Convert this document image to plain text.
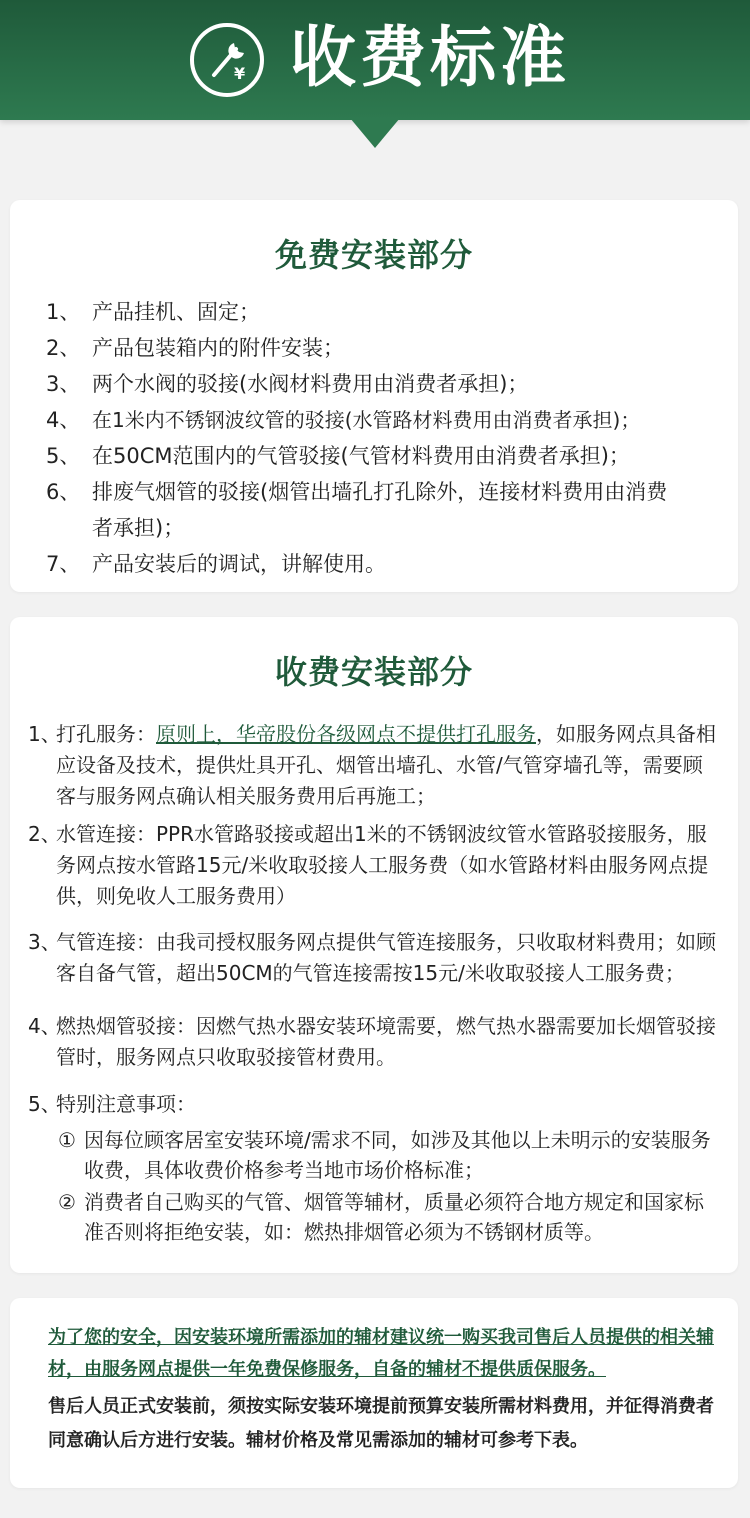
¥ 收费标准
免费安装部分
1、 产品挂机、固定；
2、 产品包装箱内的附件安装；
3、 两个水阀的驳接(水阀材料费用由消费者承担)；
4、 在1米内不锈钢波纹管的驳接(水管路材料费用由消费者承担)；
5、 在50CM范围内的气管驳接(气管材料费用由消费者承担)；
6、 排废气烟管的驳接(烟管出墙孔打孔除外，连接材料费用由消费者承担)；
7、 产品安装后的调试，讲解使用。
收费安装部分
1、
打孔服务：原则上，华帝股份各级网点不提供打孔服务，如服务网点具备相应设备及技术，提供灶具开孔、烟管出墙孔、水管/气管穿墙孔等，需要顾客与服务网点确认相关服务费用后再施工；
2、
水管连接：PPR水管路驳接或超出1米的不锈钢波纹管水管路驳接服务，服务网点按水管路15元/米收取驳接人工服务费（如水管路材料由服务网点提供，则免收人工服务费用）
3、
气管连接：由我司授权服务网点提供气管连接服务，只收取材料费用；如顾客自备气管，超出50CM的气管连接需按15元/米收取驳接人工服务费；
4、
燃热烟管驳接：因燃气热水器安装环境需要，燃气热水器需要加长烟管驳接管时，服务网点只收取驳接管材费用。
5、
特别注意事项：
① 因每位顾客居室安装环境/需求不同，如涉及其他以上未明示的安装服务收费，具体收费价格参考当地市场价格标准；
② 消费者自己购买的气管、烟管等辅材，质量必须符合地方规定和国家标准否则将拒绝安装，如：燃热排烟管必须为不锈钢材质等。
为了您的安全，因安装环境所需添加的辅材建议统一购买我司售后人员提供的相关辅材，由服务网点提供一年免费保修服务，自备的辅材不提供质保服务。
售后人员正式安装前，须按实际安装环境提前预算安装所需材料费用，并征得消费者同意确认后方进行安装。辅材价格及常见需添加的辅材可参考下表。
